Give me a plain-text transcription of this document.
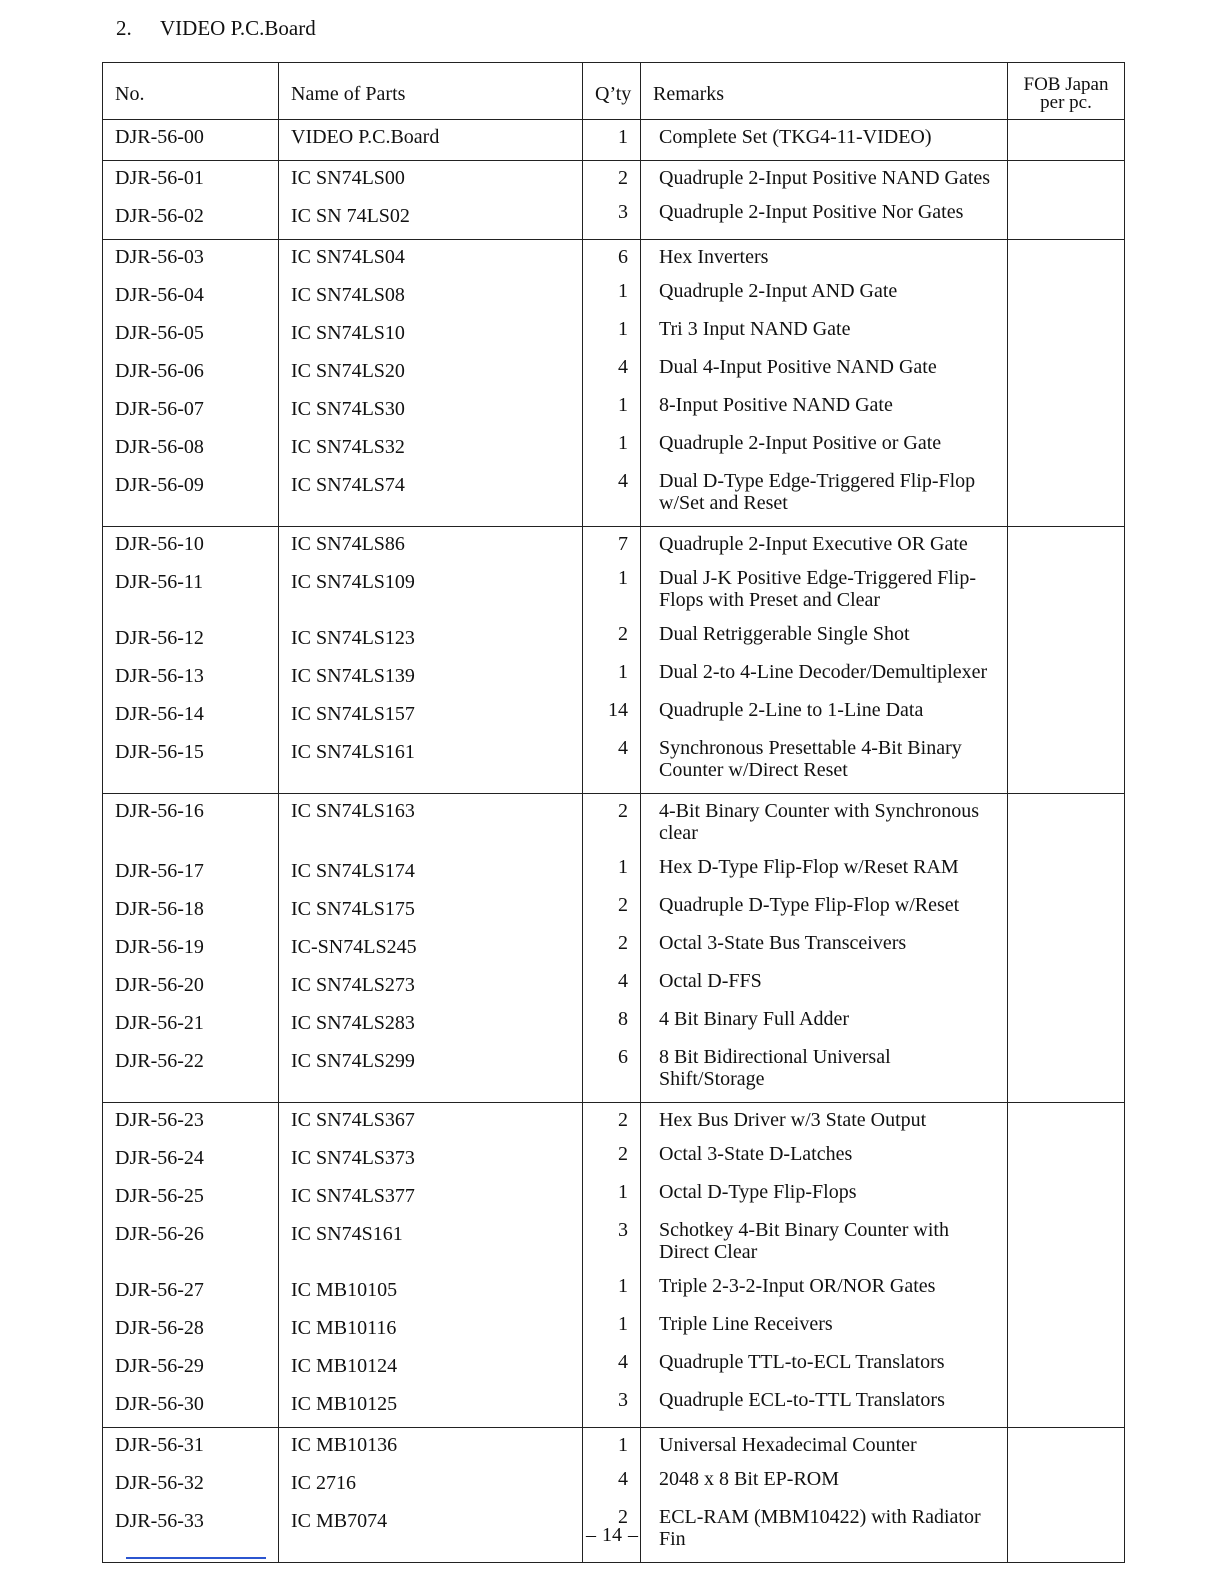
2. VIDEO P.C.Board
No.	Name of Parts	Q’ty	Remarks	FOB Japan
per pc.

DJR-56-00	VIDEO P.C.Board	1	Complete Set (TKG4-11-VIDEO)	
DJR-56-01	IC SN74LS00	2	Quadruple 2-Input Positive NAND Gates	
DJR-56-02	IC SN 74LS02	3	Quadruple 2-Input Positive Nor Gates	
DJR-56-03	IC SN74LS04	6	Hex Inverters	
DJR-56-04	IC SN74LS08	1	Quadruple 2-Input AND Gate	
DJR-56-05	IC SN74LS10	1	Tri 3 Input NAND Gate	
DJR-56-06	IC SN74LS20	4	Dual 4-Input Positive NAND Gate	
DJR-56-07	IC SN74LS30	1	8-Input Positive NAND Gate	
DJR-56-08	IC SN74LS32	1	Quadruple 2-Input Positive or Gate	
DJR-56-09	IC SN74LS74	4	Dual D-Type Edge-Triggered Flip-Flop w/Set and Reset	
DJR-56-10	IC SN74LS86	7	Quadruple 2-Input Executive OR Gate	
DJR-56-11	IC SN74LS109	1	Dual J-K Positive Edge-Triggered Flip-Flops with Preset and Clear	
DJR-56-12	IC SN74LS123	2	Dual Retriggerable Single Shot	
DJR-56-13	IC SN74LS139	1	Dual 2-to 4-Line Decoder/Demultiplexer	
DJR-56-14	IC SN74LS157	14	Quadruple 2-Line to 1-Line Data	
DJR-56-15	IC SN74LS161	4	Synchronous Presettable 4-Bit Binary Counter w/Direct Reset	
DJR-56-16	IC SN74LS163	2	4-Bit Binary Counter with Synchronous clear	
DJR-56-17	IC SN74LS174	1	Hex D-Type Flip-Flop w/Reset RAM	
DJR-56-18	IC SN74LS175	2	Quadruple D-Type Flip-Flop w/Reset	
DJR-56-19	IC-SN74LS245	2	Octal 3-State Bus Transceivers	
DJR-56-20	IC SN74LS273	4	Octal D-FFS	
DJR-56-21	IC SN74LS283	8	4 Bit Binary Full Adder	
DJR-56-22	IC SN74LS299	6	8 Bit Bidirectional Universal Shift/Storage	
DJR-56-23	IC SN74LS367	2	Hex Bus Driver w/3 State Output	
DJR-56-24	IC SN74LS373	2	Octal 3-State D-Latches	
DJR-56-25	IC SN74LS377	1	Octal D-Type Flip-Flops	
DJR-56-26	IC SN74S161	3	Schotkey 4-Bit Binary Counter with Direct Clear	
DJR-56-27	IC MB10105	1	Triple 2-3-2-Input OR/NOR Gates	
DJR-56-28	IC MB10116	1	Triple Line Receivers	
DJR-56-29	IC MB10124	4	Quadruple TTL-to-ECL Translators	
DJR-56-30	IC MB10125	3	Quadruple ECL-to-TTL Translators	
DJR-56-31	IC MB10136	1	Universal Hexadecimal Counter	
DJR-56-32	IC 2716	4	2048 x 8 Bit EP-ROM	
DJR-56-33	IC MB7074	2	ECL-RAM (MBM10422) with Radiator Fin	
– 14 –
